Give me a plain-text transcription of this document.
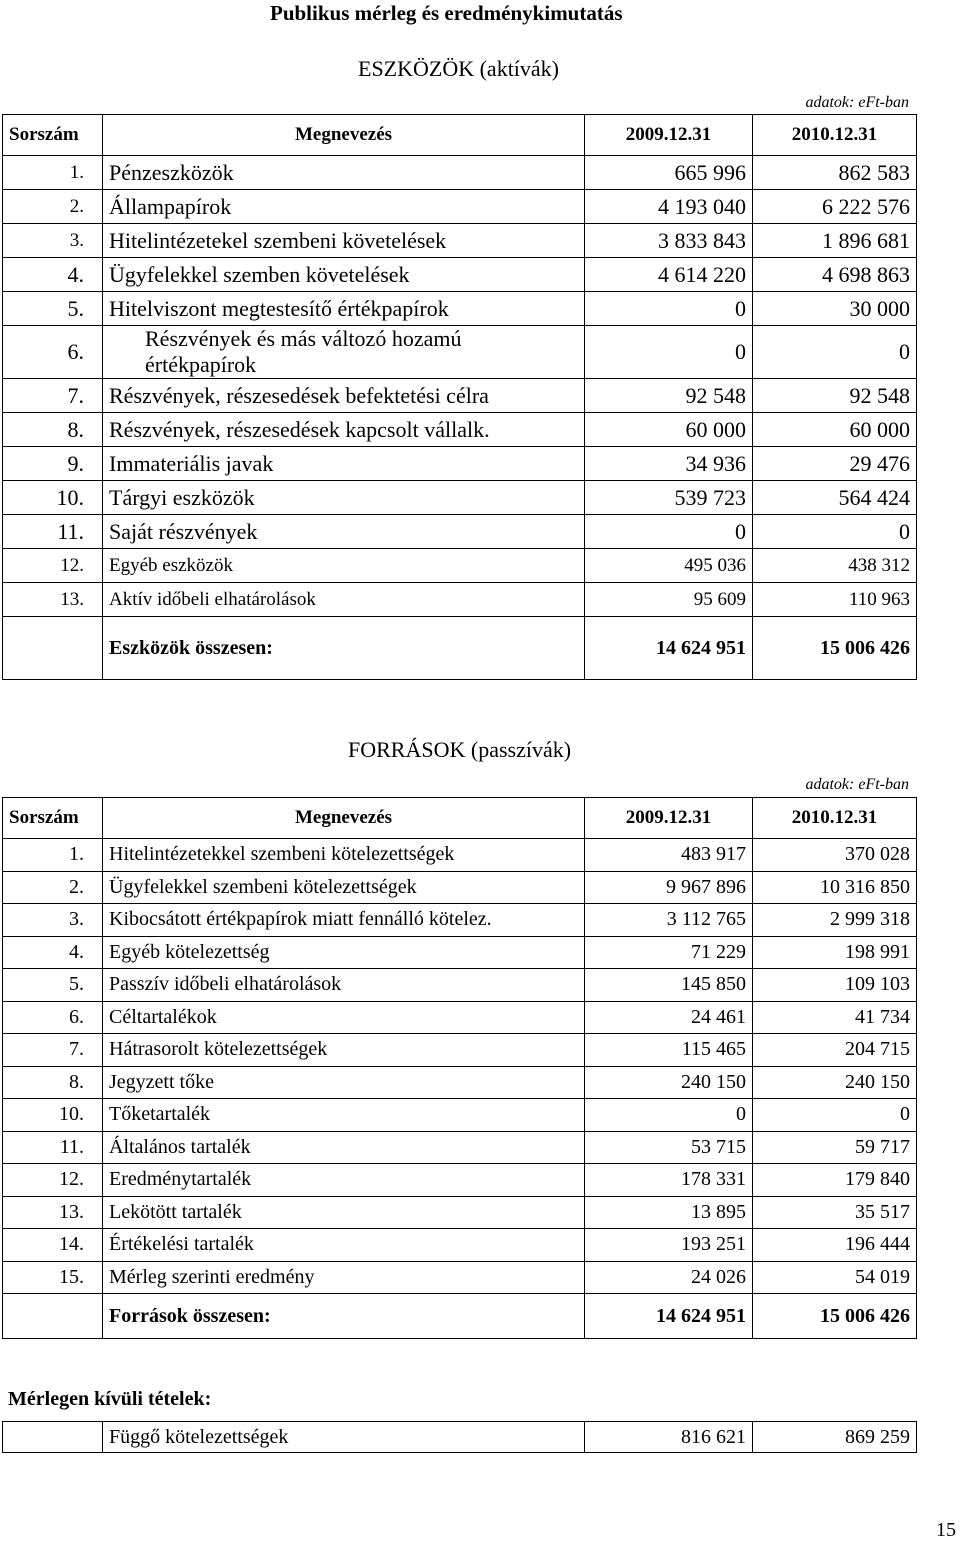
Publikus mérleg és eredménykimutatás
ESZKÖZÖK (aktívák)
adatok: eFt-ban
Sorszám	Megnevezés	2009.12.31	2010.12.31
1.	Pénzeszközök	665 996	862 583
2.	Állampapírok	4 193 040	6 222 576
3.	Hitelintézetekel szembeni követelések	3 833 843	1 896 681
4.	Ügyfelekkel szemben követelések	4 614 220	4 698 863
5.	Hitelviszont megtestesítő értékpapírok	0	30 000
6.	Részvények és más változó hozamú
értékpapírok	0	0
7.	Részvények, részesedések befektetési célra	92 548	92 548
8.	Részvények, részesedések kapcsolt vállalk.	60 000	60 000
9.	Immateriális javak	34 936	29 476
10.	Tárgyi eszközök	539 723	564 424
11.	Saját részvények	0	0
12.	Egyéb eszközök	495 036	438 312
13.	Aktív időbeli elhatárolások	95 609	110 963
	Eszközök összesen:	14 624 951	15 006 426
FORRÁSOK (passzívák)
adatok: eFt-ban
Sorszám	Megnevezés	2009.12.31	2010.12.31
1.	Hitelintézetekkel szembeni kötelezettségek	483 917	370 028
2.	Ügyfelekkel szembeni kötelezettségek	9 967 896	10 316 850
3.	Kibocsátott értékpapírok miatt fennálló kötelez.	3 112 765	2 999 318
4.	Egyéb kötelezettség	71 229	198 991
5.	Passzív időbeli elhatárolások	145 850	109 103
6.	Céltartalékok	24 461	41 734
7.	Hátrasorolt kötelezettségek	115 465	204 715
8.	Jegyzett tőke	240 150	240 150
10.	Tőketartalék	0	0
11.	Általános tartalék	53 715	59 717
12.	Eredménytartalék	178 331	179 840
13.	Lekötött tartalék	13 895	35 517
14.	Értékelési tartalék	193 251	196 444
15.	Mérleg szerinti eredmény	24 026	54 019
	Források összesen:	14 624 951	15 006 426
Mérlegen kívüli tételek:
	Függő kötelezettségek	816 621	869 259
15
